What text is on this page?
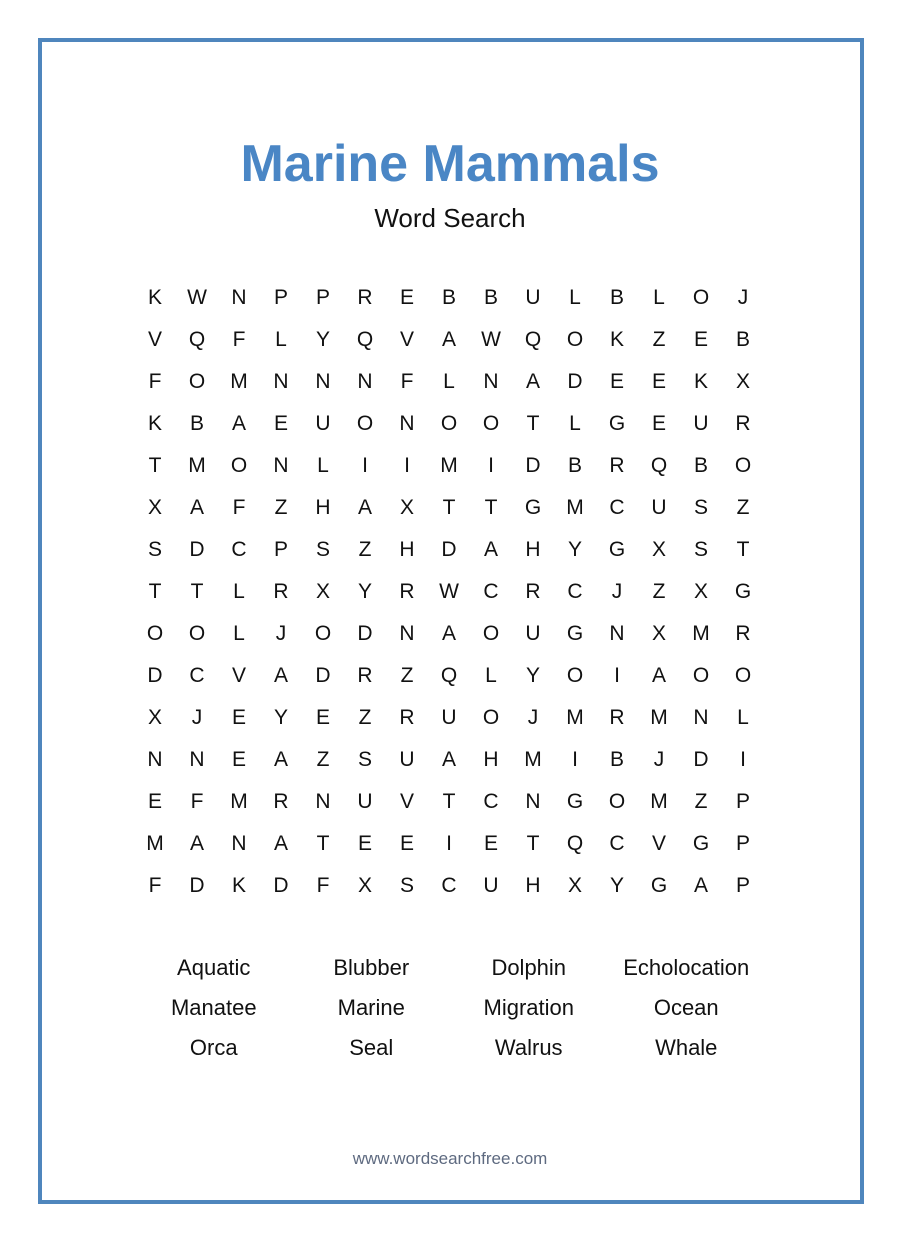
Marine Mammals
Word Search
K	W	N	P	P	R	E	B	B	U	L	B	L	O	J
V	Q	F	L	Y	Q	V	A	W	Q	O	K	Z	E	B
F	O	M	N	N	N	F	L	N	A	D	E	E	K	X
K	B	A	E	U	O	N	O	O	T	L	G	E	U	R
T	M	O	N	L	I	I	M	I	D	B	R	Q	B	O
X	A	F	Z	H	A	X	T	T	G	M	C	U	S	Z
S	D	C	P	S	Z	H	D	A	H	Y	G	X	S	T
T	T	L	R	X	Y	R	W	C	R	C	J	Z	X	G
O	O	L	J	O	D	N	A	O	U	G	N	X	M	R
D	C	V	A	D	R	Z	Q	L	Y	O	I	A	O	O
X	J	E	Y	E	Z	R	U	O	J	M	R	M	N	L
N	N	E	A	Z	S	U	A	H	M	I	B	J	D	I
E	F	M	R	N	U	V	T	C	N	G	O	M	Z	P
M	A	N	A	T	E	E	I	E	T	Q	C	V	G	P
F	D	K	D	F	X	S	C	U	H	X	Y	G	A	P
Aquatic	Blubber	Dolphin	Echolocation
Manatee	Marine	Migration	Ocean
Orca	Seal	Walrus	Whale
www.wordsearchfree.com
